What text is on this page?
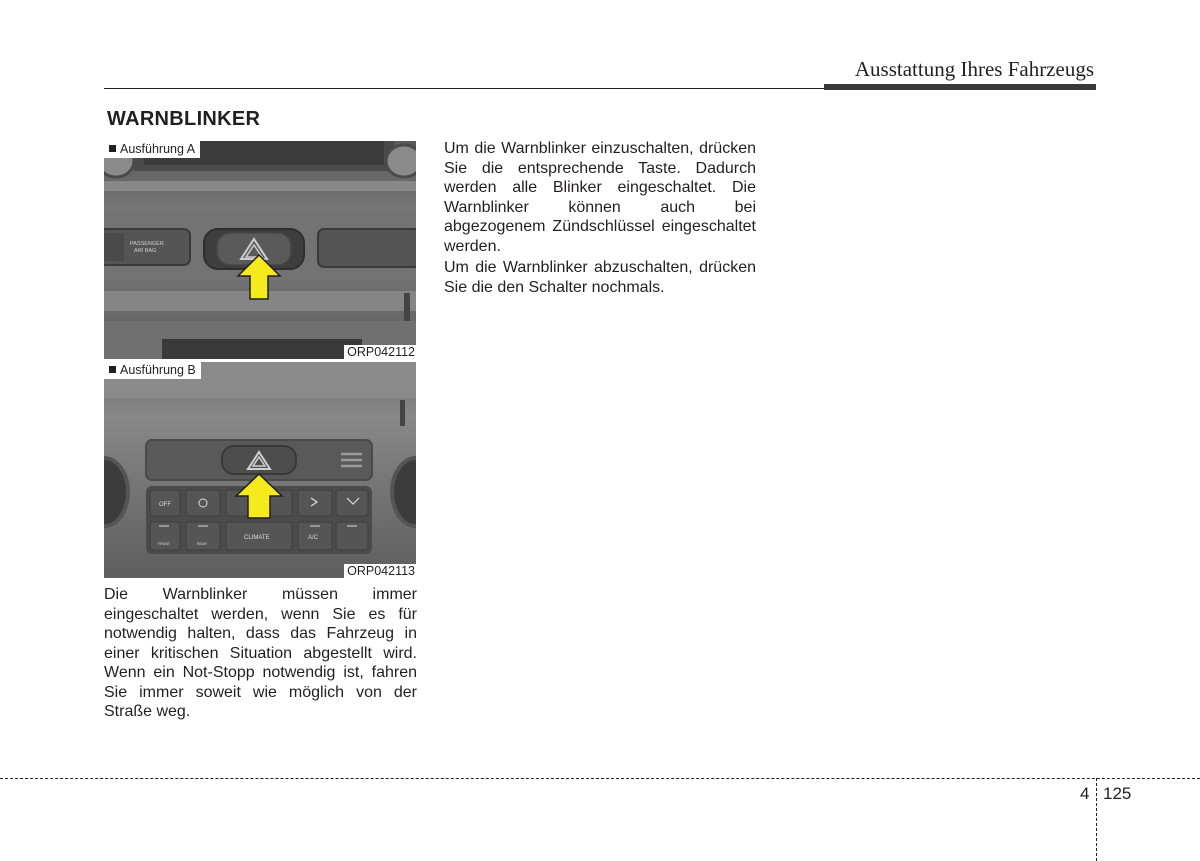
Ausstattung Ihres Fahrzeugs
WARNBLINKER
PASSENGER
AIR BAG
Ausführung A
ORP042112
OFF
FRONT	REAR
CLIMATE	A/C
Ausführung B
ORP042113

Die Warnblinker müssen immer eingeschaltet werden, wenn Sie es für notwendig halten, dass das Fahrzeug in einer kritischen Situation abgestellt wird. Wenn ein Not-Stopp notwendig ist, fahren Sie immer soweit wie möglich von der Straße weg.

Um die Warnblinker einzuschalten, drücken Sie die entsprechende Taste. Dadurch werden alle Blinker eingeschaltet. Die Warnblinker können auch bei abgezogenem Zündschlüssel eingeschaltet werden.

Um die Warnblinker abzuschalten, drücken Sie die den Schalter nochmals.

4 125
